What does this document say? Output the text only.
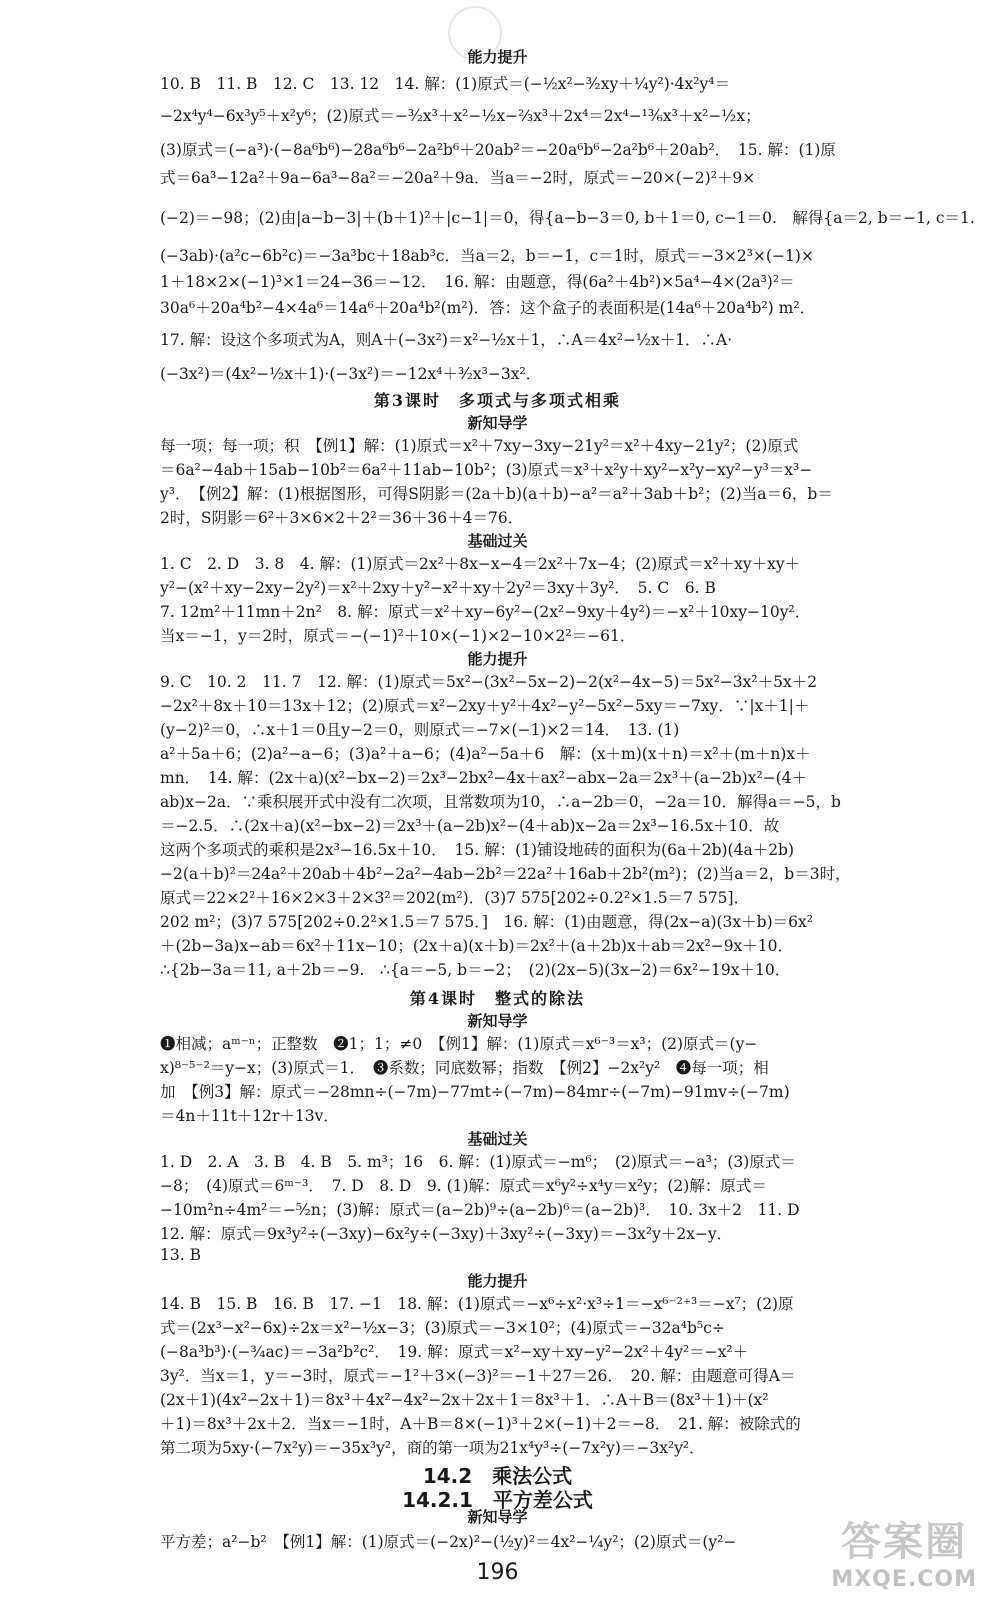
能力提升
10. B　11. B　12. C　13. 12　14. 解：(1)原式＝(−½x²−³⁄₂xy＋¼y²)·4x²y⁴＝
−2x⁴y⁴−6x³y⁵＋x²y⁶；(2)原式＝−³⁄₂x³＋x²−½x−⅔x³＋2x⁴＝2x⁴−¹³⁄₆x³＋x²−½x；
(3)原式＝(−a³)·(−8a⁶b⁶)−28a⁶b⁶−2a²b⁶＋20ab²＝−20a⁶b⁶−2a²b⁶＋20ab²．　15. 解：(1)原
式＝6a³−12a²＋9a−6a³−8a²＝−20a²＋9a．当a＝−2时，原式＝−20×(−2)²＋9×
(−2)＝−98；(2)由|a−b−3|＋(b＋1)²＋|c−1|＝0，得{a−b−3＝0, b＋1＝0, c−1＝0.　解得{a＝2, b＝−1, c＝1.
(−3ab)·(a²c−6b²c)＝−3a³bc＋18ab³c．当a＝2，b＝−1，c＝1时，原式＝−3×2³×(−1)×
1＋18×2×(−1)³×1＝24−36＝−12．　16. 解：由题意，得(6a²＋4b²)×5a⁴−4×(2a³)²＝
30a⁶＋20a⁴b²−4×4a⁶＝14a⁶＋20a⁴b²(m²)．答：这个盒子的表面积是(14a⁶＋20a⁴b²) m²．
17. 解：设这个多项式为A，则A＋(−3x²)＝x²−½x＋1，∴A＝4x²−½x＋1．∴A·
(−3x²)＝(4x²−½x＋1)·(−3x²)＝−12x⁴＋³⁄₂x³−3x²．
第3课时　多项式与多项式相乘
新知导学
每一项；每一项；积　【例1】解：(1)原式＝x²＋7xy−3xy−21y²＝x²＋4xy−21y²；(2)原式
＝6a²−4ab＋15ab−10b²＝6a²＋11ab−10b²；(3)原式＝x³＋x²y＋xy²−x²y−xy²−y³＝x³−
y³．　【例2】解：(1)根据图形，可得S阴影＝(2a＋b)(a＋b)−a²＝a²＋3ab＋b²；(2)当a＝6，b＝
2时，S阴影＝6²＋3×6×2＋2²＝36＋36＋4＝76．
基础过关
1. C　2. D　3. 8　4. 解：(1)原式＝2x²＋8x−x−4＝2x²＋7x−4；(2)原式＝x²＋xy＋xy＋
y²−(x²＋xy−2xy−2y²)＝x²＋2xy＋y²−x²＋xy＋2y²＝3xy＋3y²．　5. C　6. B
7. 12m²＋11mn＋2n²　8. 解：原式＝x²＋xy−6y²−(2x²−9xy＋4y²)＝−x²＋10xy−10y²．
当x＝−1，y＝2时，原式＝−(−1)²＋10×(−1)×2−10×2²＝−61．
能力提升
9. C　10. 2　11. 7　12. 解：(1)原式＝5x²−(3x²−5x−2)−2(x²−4x−5)＝5x²−3x²＋5x＋2
−2x²＋8x＋10＝13x＋12；(2)原式＝x²−2xy＋y²＋4x²−y²−5x²−5xy＝−7xy．∵|x＋1|＋
(y−2)²＝0，∴x＋1＝0且y−2＝0，则原式＝−7×(−1)×2＝14．　13. (1)
a²＋5a＋6；(2)a²−a−6；(3)a²＋a−6；(4)a²−5a＋6　解：(x＋m)(x＋n)＝x²＋(m＋n)x＋
mn．　14. 解：(2x＋a)(x²−bx−2)＝2x³−2bx²−4x＋ax²−abx−2a＝2x³＋(a−2b)x²−(4＋
ab)x−2a．∵乘积展开式中没有二次项，且常数项为10，∴a−2b＝0，−2a＝10．解得a＝−5，b
＝−2.5．∴(2x＋a)(x²−bx−2)＝2x³＋(a−2b)x²−(4＋ab)x−2a＝2x³−16.5x＋10．故
这两个多项式的乘积是2x³−16.5x＋10．　15. 解：(1)铺设地砖的面积为(6a＋2b)(4a＋2b)
−2(a＋b)²＝24a²＋20ab＋4b²−2a²−4ab−2b²＝22a²＋16ab＋2b²(m²)；(2)当a＝2，b＝3时，
原式＝22×2²＋16×2×3＋2×3²＝202(m²)．(3)7 575[202÷0.2²×1.5＝7 575]．
202 m²；(3)7 575[202÷0.2²×1.5＝7 575．]　16. 解：(1)由题意，得(2x−a)(3x＋b)＝6x²
＋(2b−3a)x−ab＝6x²＋11x−10；(2x＋a)(x＋b)＝2x²＋(a＋2b)x＋ab＝2x²−9x＋10．
∴{2b−3a＝11, a＋2b＝−9.　∴{a＝−5, b＝−2；　(2)(2x−5)(3x−2)＝6x²−19x＋10．
第4课时　整式的除法
新知导学
❶相减；aᵐ⁻ⁿ；正整数　❷1；1；≠0　【例1】解：(1)原式＝x⁶⁻³＝x³；(2)原式＝(y−
x)⁸⁻⁵⁻²＝y−x；(3)原式＝1．　❸系数；同底数幂；指数　【例2】−2x²y²　❹每一项；相
加　【例3】解：原式＝−28mn÷(−7m)−77mt÷(−7m)−84mr÷(−7m)−91mv÷(−7m)
＝4n＋11t＋12r＋13v．
基础过关
1. D　2. A　3. B　4. B　5. m³；16　6. 解：(1)原式＝−m⁶；　(2)原式＝−a³；(3)原式＝
−8；　(4)原式＝6ᵐ⁻³．　7. D　8. D　9. (1)解：原式＝x⁶y²÷x⁴y＝x²y；(2)解：原式＝
−10m²n÷4m²＝−⁵⁄₂n；(3)解：原式＝(a−2b)⁹÷(a−2b)⁶＝(a−2b)³．　10. 3x＋2　11. D
12. 解：原式＝9x³y²÷(−3xy)−6x²y÷(−3xy)＋3xy²÷(−3xy)＝−3x²y＋2x−y．
13. B
能力提升
14. B　15. B　16. B　17. −1　18. 解：(1)原式＝−x⁶÷x²·x³÷1＝−x⁶⁻²⁺³＝−x⁷；(2)原
式＝(2x³−x²−6x)÷2x＝x²−½x−3；(3)原式＝−3×10²；(4)原式＝−32a⁴b⁵c÷
(−8a³b³)·(−¾ac)＝−3a²b²c²．　19. 解：原式＝x²−xy＋xy−y²−2x²＋4y²＝−x²＋
3y²．当x＝1，y＝−3时，原式＝−1²＋3×(−3)²＝−1＋27＝26．　20. 解：由题意可得A＝
(2x＋1)(4x²−2x＋1)＝8x³＋4x²−4x²−2x＋2x＋1＝8x³＋1．∴A＋B＝(8x³＋1)＋(x²
＋1)＝8x³＋2x＋2．当x＝−1时，A＋B＝8×(−1)³＋2×(−1)＋2＝−8．　21. 解：被除式的
第二项为5xy·(−7x²y)＝−35x³y²，商的第一项为21x⁴y³÷(−7x²y)＝−3x²y²．
14.2　乘法公式
14.2.1　平方差公式
新知导学
平方差；a²−b²　【例1】解：(1)原式＝(−2x)²−(½y)²＝4x²−¼y²；(2)原式＝(y²−
196
答案圈
MXQE.COM
